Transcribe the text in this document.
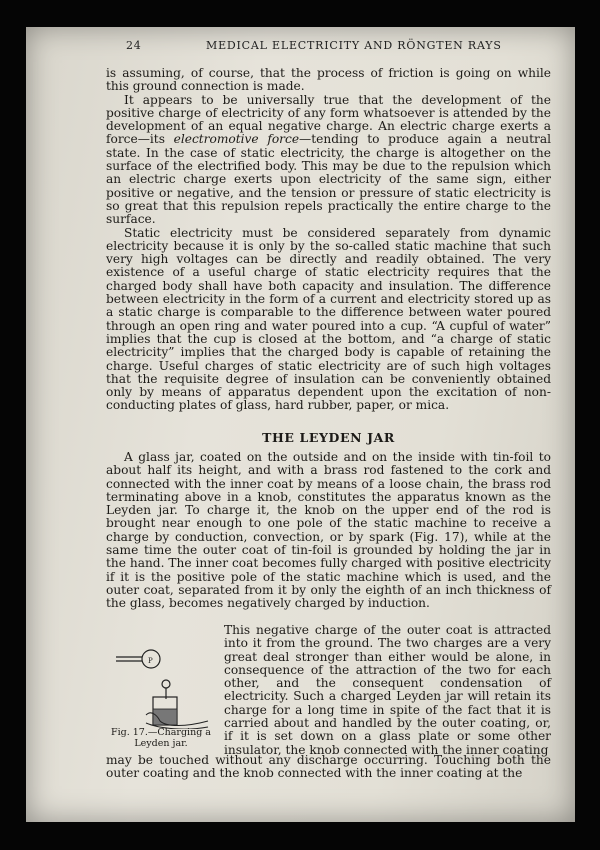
24	MEDICAL ELECTRICITY AND RÖNGTEN RAYS

is assuming, of course, that the process of friction is going on while this ground connection is made.

It appears to be universally true that the development of the positive charge of electricity of any form whatsoever is attended by the development of an equal negative charge. An electric charge exerts a force—its electromotive force—tending to produce again a neutral state. In the case of static electricity, the charge is altogether on the surface of the electrified body. This may be due to the repulsion which an electric charge exerts upon electricity of the same sign, either positive or negative, and the tension or pressure of static electricity is so great that this repulsion repels practically the entire charge to the surface.

Static electricity must be considered separately from dynamic electricity because it is only by the so-called static machine that such very high voltages can be directly and readily obtained. The very existence of a useful charge of static electricity requires that the charged body shall have both capacity and insulation. The difference between electricity in the form of a current and electricity stored up as a static charge is comparable to the difference between water poured through an open ring and water poured into a cup. “A cupful of water” implies that the cup is closed at the bottom, and “a charge of static electricity” implies that the charged body is capable of retaining the charge. Useful charges of static electricity are of such high voltages that the requisite degree of insulation can be conveniently obtained only by means of apparatus dependent upon the excitation of non-conducting plates of glass, hard rubber, paper, or mica.

THE LEYDEN JAR

A glass jar, coated on the outside and on the inside with tin-foil to about half its height, and with a brass rod fastened to the cork and connected with the inner coat by means of a loose chain, the brass rod terminating above in a knob, constitutes the apparatus known as the Leyden jar. To charge it, the knob on the upper end of the rod is brought near enough to one pole of the static machine to receive a charge by conduction, convection, or by spark (Fig. 17), while at the same time the outer coat of tin-foil is grounded by holding the jar in the hand. The inner coat becomes fully charged with positive electricity if it is the positive pole of the static machine which is used, and the outer coat, separated from it by only the eighth of an inch thickness of the glass, becomes negatively charged by induction.

P
Fig. 17.—Charging a
Leyden jar.
This negative charge of the outer coat is attracted into it from the ground. The two charges are a very great deal stronger than either would be alone, in consequence of the attraction of the two for each other, and the consequent condensation of electricity. Such a charged Leyden jar will retain its charge for a long time in spite of the fact that it is carried about and handled by the outer coating, or, if it is set down on a glass plate or some other insulator, the knob connected with the inner coating
may be touched without any discharge occurring. Touching both the outer coating and the knob connected with the inner coating at the
